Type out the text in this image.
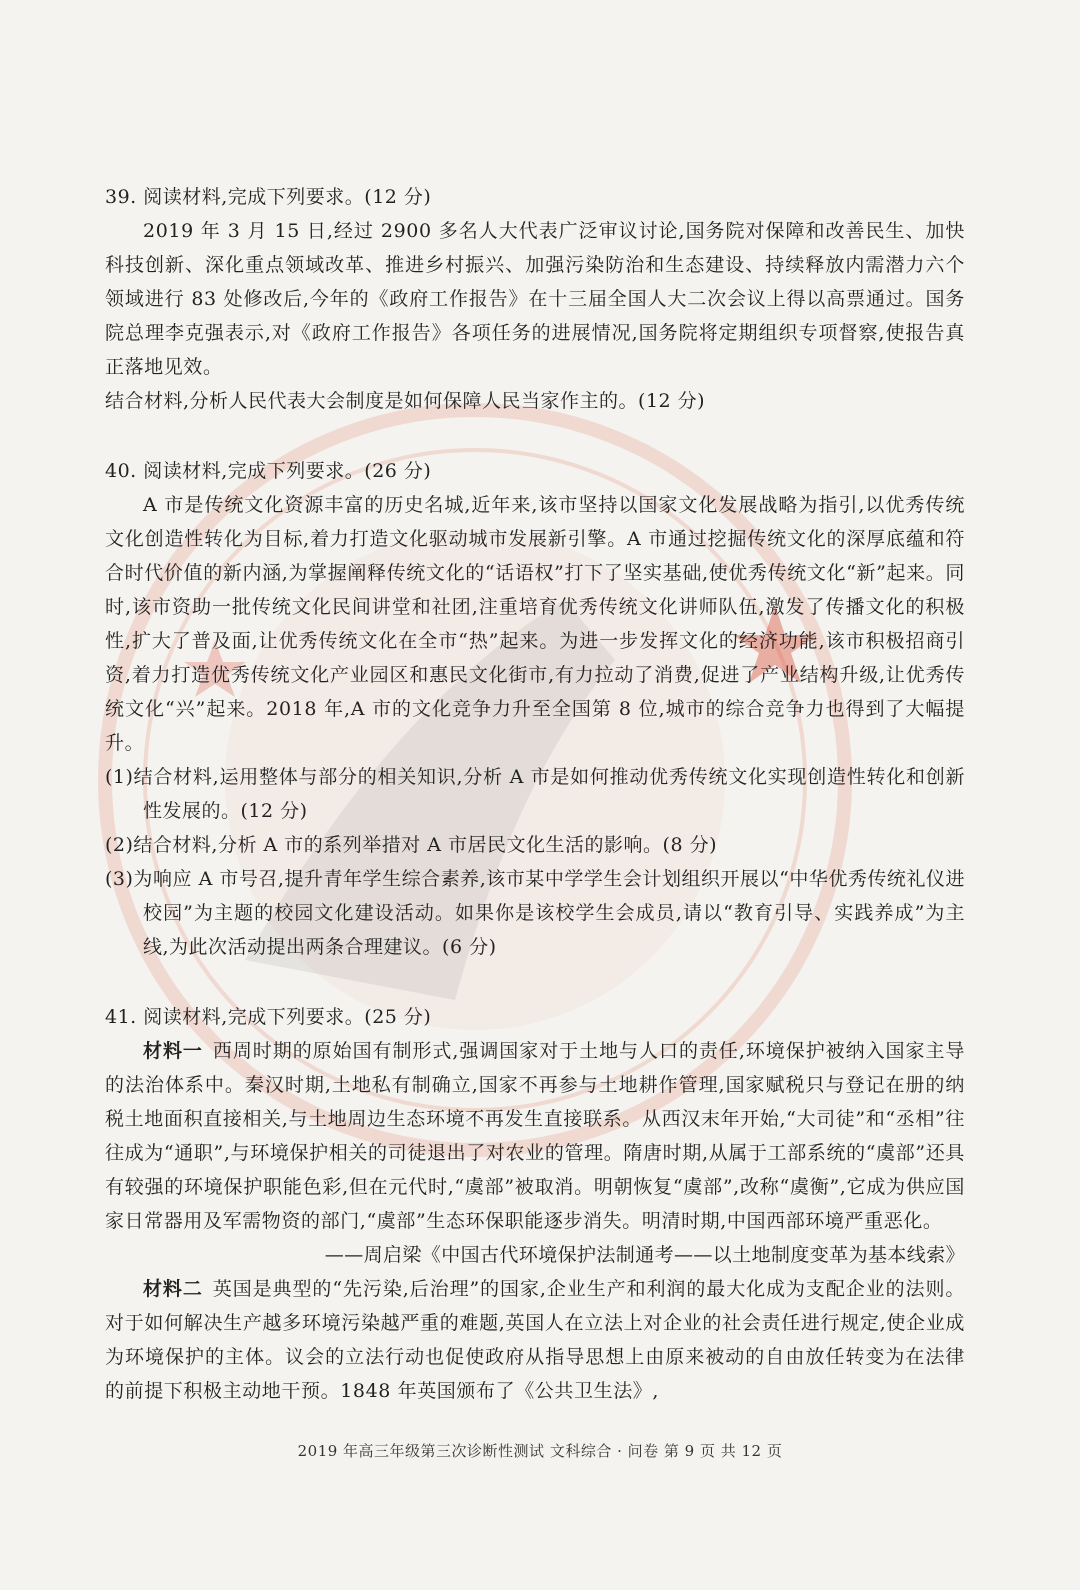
39. 阅读材料,完成下列要求。(12 分)

2019 年 3 月 15 日,经过 2900 多名人大代表广泛审议讨论,国务院对保障和改善民生、加快科技创新、深化重点领域改革、推进乡村振兴、加强污染防治和生态建设、持续释放内需潜力六个领域进行 83 处修改后,今年的《政府工作报告》在十三届全国人大二次会议上得以高票通过。国务院总理李克强表示,对《政府工作报告》各项任务的进展情况,国务院将定期组织专项督察,使报告真正落地见效。

结合材料,分析人民代表大会制度是如何保障人民当家作主的。(12 分)

40. 阅读材料,完成下列要求。(26 分)

A 市是传统文化资源丰富的历史名城,近年来,该市坚持以国家文化发展战略为指引,以优秀传统文化创造性转化为目标,着力打造文化驱动城市发展新引擎。A 市通过挖掘传统文化的深厚底蕴和符合时代价值的新内涵,为掌握阐释传统文化的“话语权”打下了坚实基础,使优秀传统文化“新”起来。同时,该市资助一批传统文化民间讲堂和社团,注重培育优秀传统文化讲师队伍,激发了传播文化的积极性,扩大了普及面,让优秀传统文化在全市“热”起来。为进一步发挥文化的经济功能,该市积极招商引资,着力打造优秀传统文化产业园区和惠民文化街市,有力拉动了消费,促进了产业结构升级,让优秀传统文化“兴”起来。2018 年,A 市的文化竞争力升至全国第 8 位,城市的综合竞争力也得到了大幅提升。

(1)结合材料,运用整体与部分的相关知识,分析 A 市是如何推动优秀传统文化实现创造性转化和创新性发展的。(12 分)

(2)结合材料,分析 A 市的系列举措对 A 市居民文化生活的影响。(8 分)

(3)为响应 A 市号召,提升青年学生综合素养,该市某中学学生会计划组织开展以“中华优秀传统礼仪进校园”为主题的校园文化建设活动。如果你是该校学生会成员,请以“教育引导、实践养成”为主线,为此次活动提出两条合理建议。(6 分)

41. 阅读材料,完成下列要求。(25 分)

材料一 西周时期的原始国有制形式,强调国家对于土地与人口的责任,环境保护被纳入国家主导的法治体系中。秦汉时期,土地私有制确立,国家不再参与土地耕作管理,国家赋税只与登记在册的纳税土地面积直接相关,与土地周边生态环境不再发生直接联系。从西汉末年开始,“大司徒”和“丞相”往往成为“通职”,与环境保护相关的司徒退出了对农业的管理。隋唐时期,从属于工部系统的“虞部”还具有较强的环境保护职能色彩,但在元代时,“虞部”被取消。明朝恢复“虞部”,改称“虞衡”,它成为供应国家日常器用及军需物资的部门,“虞部”生态环保职能逐步消失。明清时期,中国西部环境严重恶化。

——周启梁《中国古代环境保护法制通考——以土地制度变革为基本线索》

材料二 英国是典型的“先污染,后治理”的国家,企业生产和利润的最大化成为支配企业的法则。对于如何解决生产越多环境污染越严重的难题,英国人在立法上对企业的社会责任进行规定,使企业成为环境保护的主体。议会的立法行动也促使政府从指导思想上由原来被动的自由放任转变为在法律的前提下积极主动地干预。1848 年英国颁布了《公共卫生法》,

2019 年高三年级第三次诊断性测试 文科综合 · 问卷 第 9 页 共 12 页
